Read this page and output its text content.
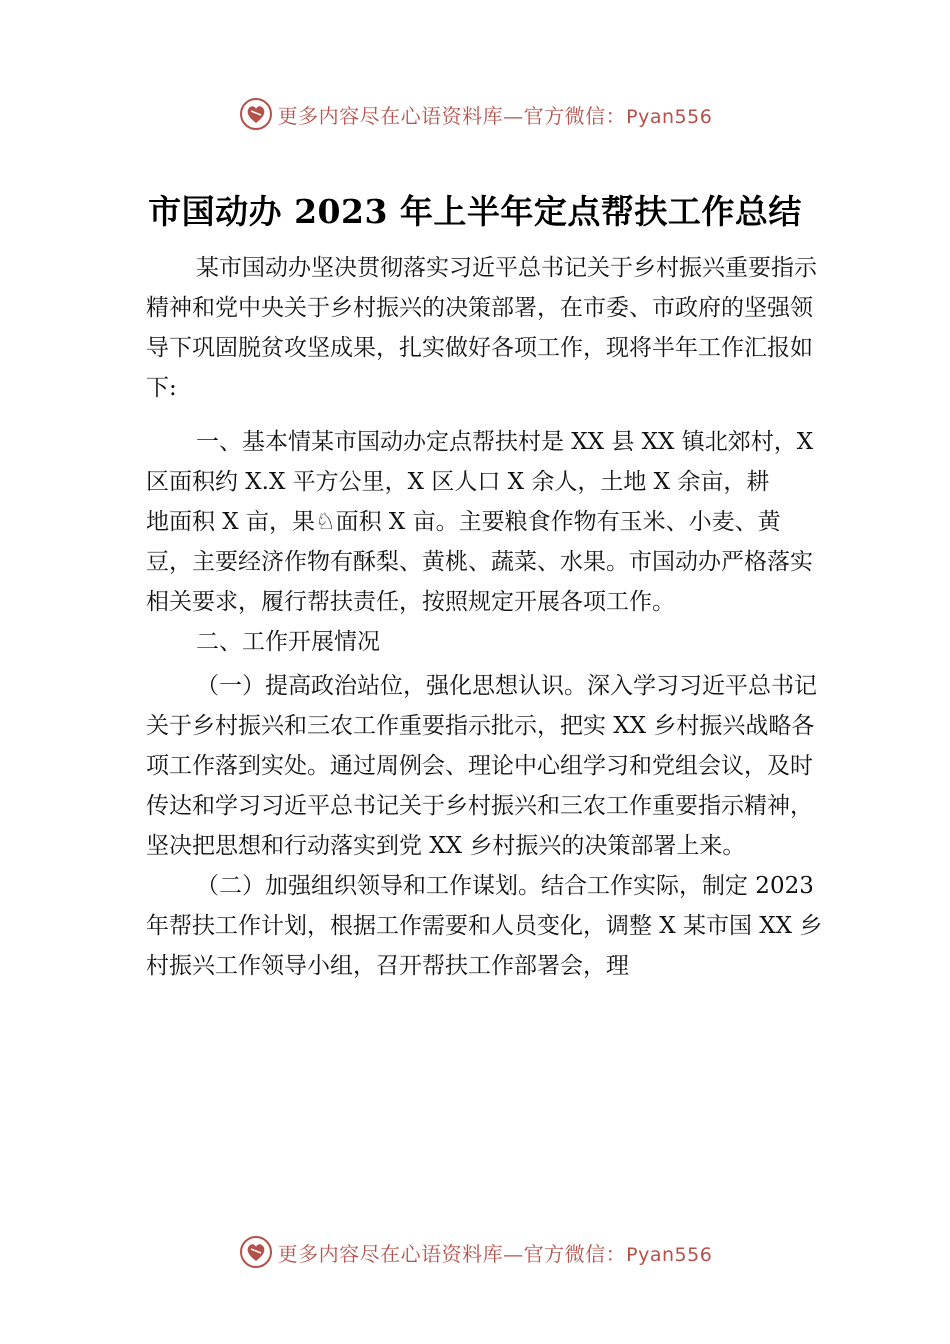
更多内容尽在心语资料库—官方微信：Pyan556
市国动办 2023 年上半年定点帮扶工作总结

某市国动办坚决贯彻落实习近平总书记关于乡村振兴重要指示精神和党中央关于乡村振兴的决策部署，在市委、市政府的坚强领导下巩固脱贫攻坚成果，扎实做好各项工作，现将半年工作汇报如下:

一、基本情某市国动办定点帮扶村是 XX 县 XX 镇北郊村，X 区面积约 X.X 平方公里，X 区人口 X 余人，土地 X 余亩，耕

地面积 X 亩，果♘面积 X 亩。主要粮食作物有玉米、小麦、黄豆，主要经济作物有酥梨、黄桃、蔬菜、水果。市国动办严格落实相关要求，履行帮扶责任，按照规定开展各项工作。

二、工作开展情况

（一）提高政治站位，强化思想认识。深入学习习近平总书记关于乡村振兴和三农工作重要指示批示，把实 XX 乡村振兴战略各项工作落到实处。通过周例会、理论中心组学习和党组会议，及时传达和学习习近平总书记关于乡村振兴和三农工作重要指示精神，坚决把思想和行动落实到党 XX 乡村振兴的决策部署上来。

（二）加强组织领导和工作谋划。结合工作实际，制定 2023 年帮扶工作计划，根据工作需要和人员变化，调整 X 某市国 XX 乡村振兴工作领导小组，召开帮扶工作部署会，理

更多内容尽在心语资料库—官方微信：Pyan556
